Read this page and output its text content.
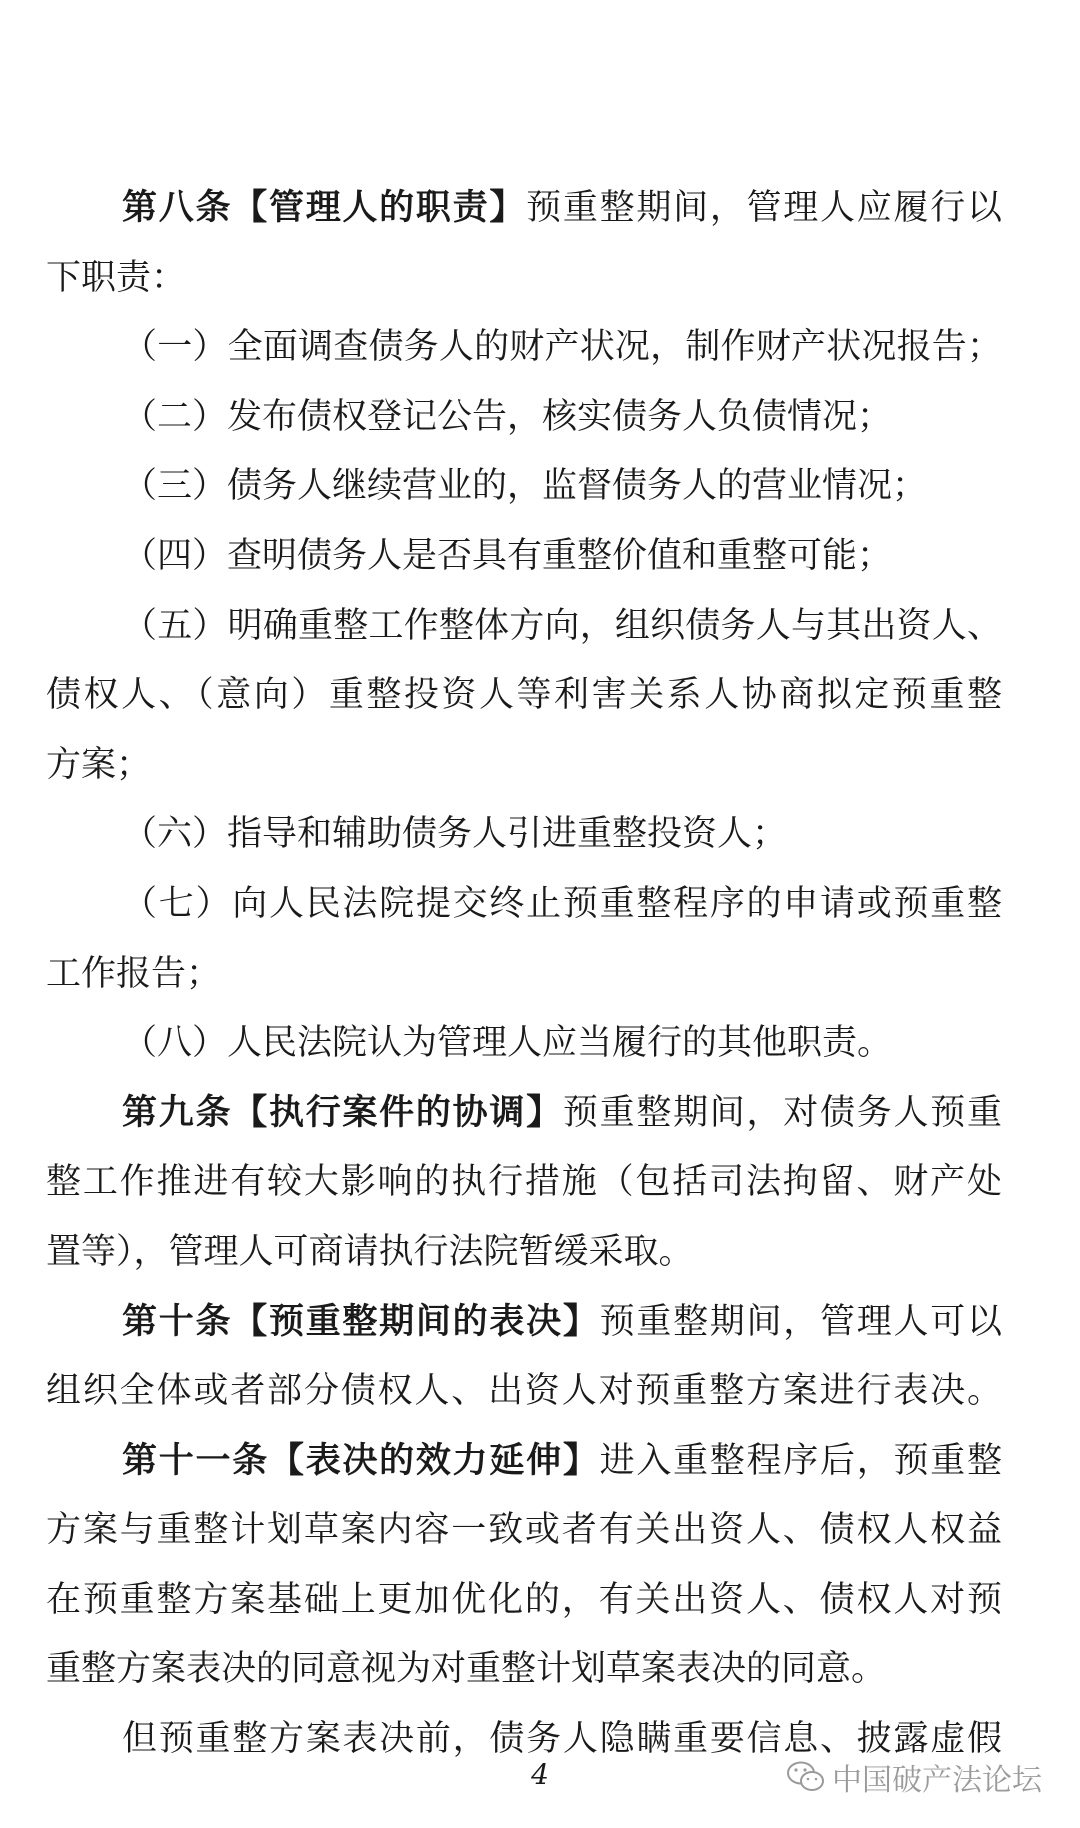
第八条【管理人的职责】预重整期间，管理人应履行以
下职责：
（一）全面调查债务人的财产状况，制作财产状况报告；
（二）发布债权登记公告，核实债务人负债情况；
（三）债务人继续营业的，监督债务人的营业情况；
（四）查明债务人是否具有重整价值和重整可能；
（五）明确重整工作整体方向，组织债务人与其出资人、
债权人、（意向）重整投资人等利害关系人协商拟定预重整
方案；
（六）指导和辅助债务人引进重整投资人；
（七）向人民法院提交终止预重整程序的申请或预重整
工作报告；
（八）人民法院认为管理人应当履行的其他职责。
第九条【执行案件的协调】预重整期间，对债务人预重
整工作推进有较大影响的执行措施（包括司法拘留、财产处
置等），管理人可商请执行法院暂缓采取。
第十条【预重整期间的表决】预重整期间，管理人可以
组织全体或者部分债权人、出资人对预重整方案进行表决。
第十一条【表决的效力延伸】进入重整程序后，预重整
方案与重整计划草案内容一致或者有关出资人、债权人权益
在预重整方案基础上更加优化的，有关出资人、债权人对预
重整方案表决的同意视为对重整计划草案表决的同意。
但预重整方案表决前，债务人隐瞒重要信息、披露虚假
4	中国破产法论坛
